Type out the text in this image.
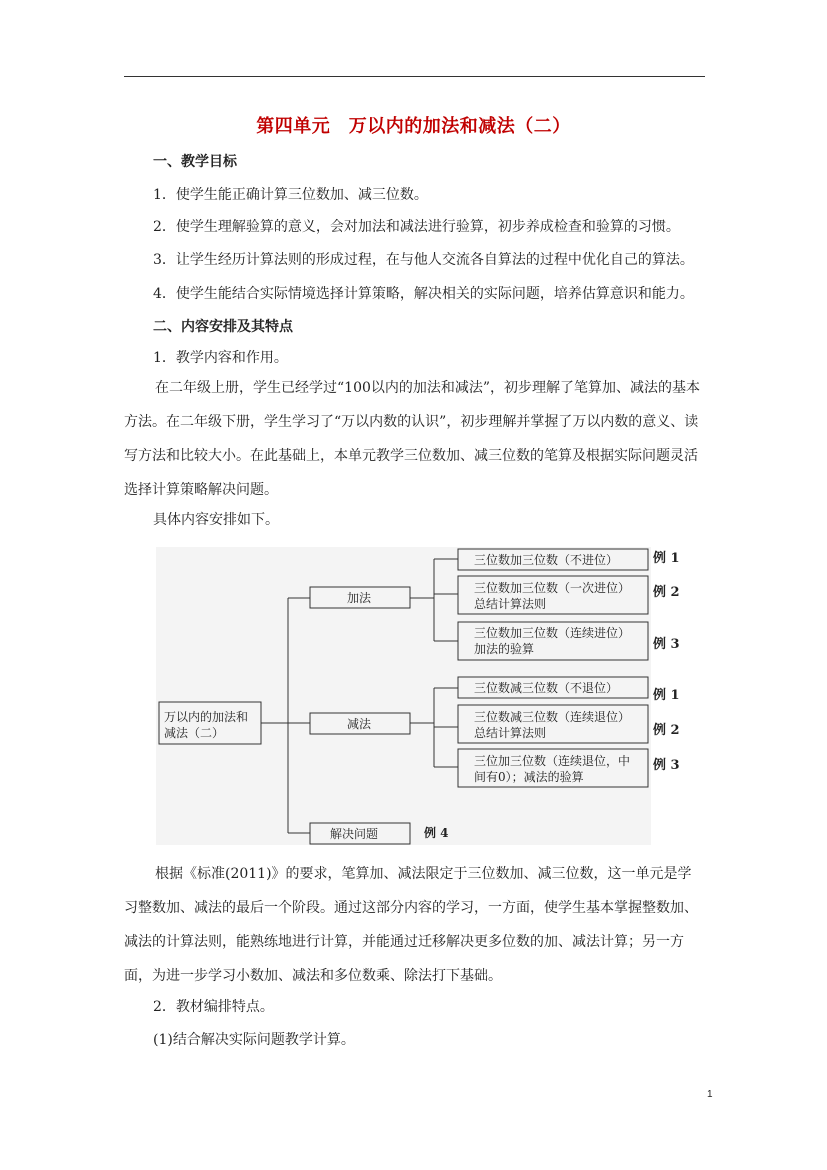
第四单元　万以内的加法和减法（二）
一、教学目标
1．使学生能正确计算三位数加、减三位数。
2．使学生理解验算的意义，会对加法和减法进行验算，初步养成检查和验算的习惯。
3．让学生经历计算法则的形成过程，在与他人交流各自算法的过程中优化自己的算法。
4．使学生能结合实际情境选择计算策略，解决相关的实际问题，培养估算意识和能力。
二、内容安排及其特点
1．教学内容和作用。
在二年级上册，学生已经学过“100以内的加法和减法”，初步理解了笔算加、减法的基本方法。在二年级下册，学生学习了“万以内数的认识”，初步理解并掌握了万以内数的意义、读写方法和比较大小。在此基础上，本单元教学三位数加、减三位数的笔算及根据实际问题灵活选择计算策略解决问题。
具体内容安排如下。
万以内的加法和
减法（二）
加法
减法
解决问题	例 4
三位数加三位数（不进位）
三位数加三位数（一次进位）
总结计算法则
三位数加三位数（连续进位）
加法的验算
三位数减三位数（不退位）
三位数减三位数（连续退位）
总结计算法则
三位加三位数（连续退位，中
间有0）；减法的验算
例 1
例 2
例 3
例 1
例 2
例 3
根据《标准(2011)》的要求，笔算加、减法限定于三位数加、减三位数，这一单元是学习整数加、减法的最后一个阶段。通过这部分内容的学习，一方面，使学生基本掌握整数加、减法的计算法则，能熟练地进行计算，并能通过迁移解决更多位数的加、减法计算；另一方面，为进一步学习小数加、减法和多位数乘、除法打下基础。
2．教材编排特点。
(1)结合解决实际问题教学计算。
1
